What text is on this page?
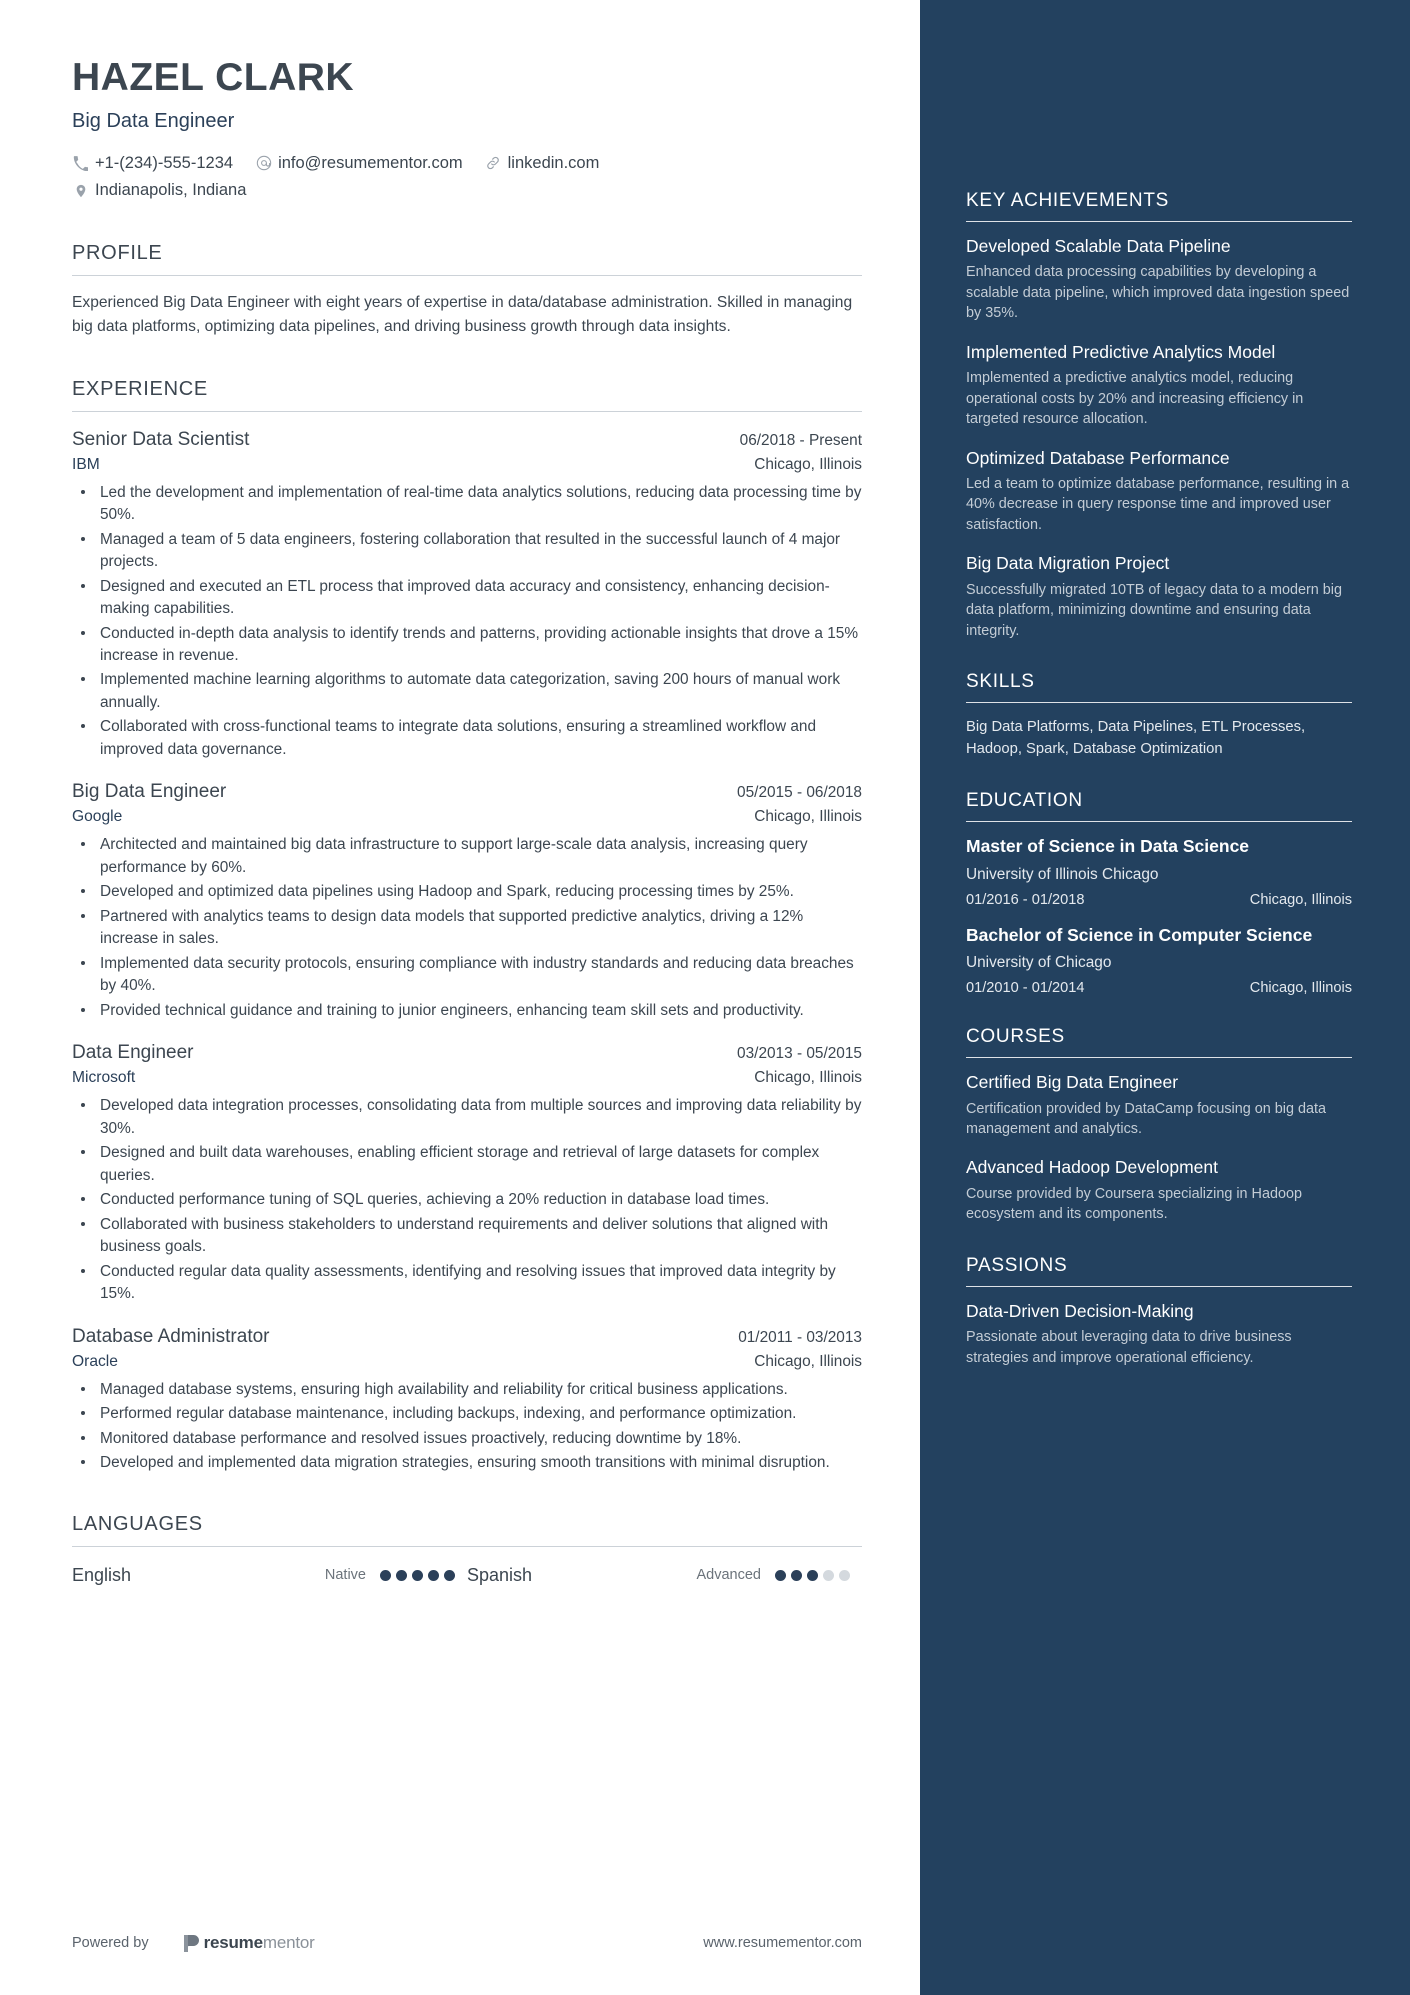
HAZEL CLARK
Big Data Engineer
+1-(234)-555-1234	info@resumementor.com	linkedin.com
Indianapolis, Indiana
PROFILE
Experienced Big Data Engineer with eight years of expertise in data/database administration. Skilled in managing big data platforms, optimizing data pipelines, and driving business growth through data insights.
EXPERIENCE
Senior Data Scientist	06/2018 - Present
IBM	Chicago, Illinois
Led the development and implementation of real-time data analytics solutions, reducing data processing time by 50%.
Managed a team of 5 data engineers, fostering collaboration that resulted in the successful launch of 4 major projects.
Designed and executed an ETL process that improved data accuracy and consistency, enhancing decision-making capabilities.
Conducted in-depth data analysis to identify trends and patterns, providing actionable insights that drove a 15% increase in revenue.
Implemented machine learning algorithms to automate data categorization, saving 200 hours of manual work annually.
Collaborated with cross-functional teams to integrate data solutions, ensuring a streamlined workflow and improved data governance.
Big Data Engineer	05/2015 - 06/2018
Google	Chicago, Illinois
Architected and maintained big data infrastructure to support large-scale data analysis, increasing query performance by 60%.
Developed and optimized data pipelines using Hadoop and Spark, reducing processing times by 25%.
Partnered with analytics teams to design data models that supported predictive analytics, driving a 12% increase in sales.
Implemented data security protocols, ensuring compliance with industry standards and reducing data breaches by 40%.
Provided technical guidance and training to junior engineers, enhancing team skill sets and productivity.
Data Engineer	03/2013 - 05/2015
Microsoft	Chicago, Illinois
Developed data integration processes, consolidating data from multiple sources and improving data reliability by 30%.
Designed and built data warehouses, enabling efficient storage and retrieval of large datasets for complex queries.
Conducted performance tuning of SQL queries, achieving a 20% reduction in database load times.
Collaborated with business stakeholders to understand requirements and deliver solutions that aligned with business goals.
Conducted regular data quality assessments, identifying and resolving issues that improved data integrity by 15%.
Database Administrator	01/2011 - 03/2013
Oracle	Chicago, Illinois
Managed database systems, ensuring high availability and reliability for critical business applications.
Performed regular database maintenance, including backups, indexing, and performance optimization.
Monitored database performance and resolved issues proactively, reducing downtime by 18%.
Developed and implemented data migration strategies, ensuring smooth transitions with minimal disruption.
LANGUAGES
English	Native	Spanish	Advanced
Powered by	resumementor	www.resumementor.com
KEY ACHIEVEMENTS
Developed Scalable Data Pipeline
Enhanced data processing capabilities by developing a scalable data pipeline, which improved data ingestion speed by 35%.
Implemented Predictive Analytics Model
Implemented a predictive analytics model, reducing operational costs by 20% and increasing efficiency in targeted resource allocation.
Optimized Database Performance
Led a team to optimize database performance, resulting in a 40% decrease in query response time and improved user satisfaction.
Big Data Migration Project
Successfully migrated 10TB of legacy data to a modern big data platform, minimizing downtime and ensuring data integrity.
SKILLS
Big Data Platforms, Data Pipelines, ETL Processes, Hadoop, Spark, Database Optimization
EDUCATION
Master of Science in Data Science
University of Illinois Chicago
01/2016 - 01/2018	Chicago, Illinois
Bachelor of Science in Computer Science
University of Chicago
01/2010 - 01/2014	Chicago, Illinois
COURSES
Certified Big Data Engineer
Certification provided by DataCamp focusing on big data management and analytics.
Advanced Hadoop Development
Course provided by Coursera specializing in Hadoop ecosystem and its components.
PASSIONS
Data-Driven Decision-Making
Passionate about leveraging data to drive business strategies and improve operational efficiency.
